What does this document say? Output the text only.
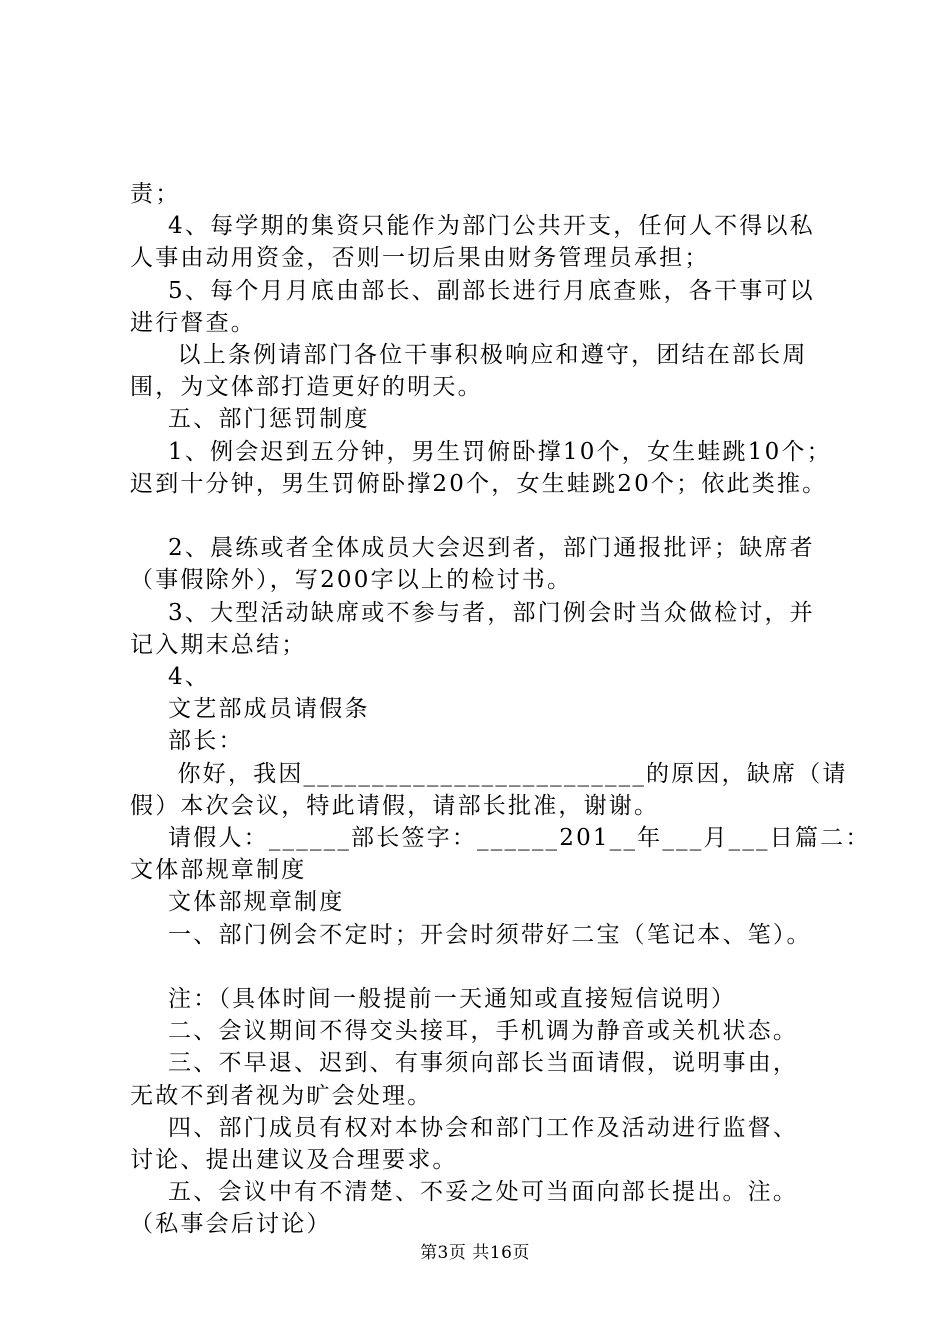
责；
4、每学期的集资只能作为部门公共开支，任何人不得以私
人事由动用资金，否则一切后果由财务管理员承担；
5、每个月月底由部长、副部长进行月底查账，各干事可以
进行督查。
以上条例请部门各位干事积极响应和遵守，团结在部长周
围，为文体部打造更好的明天。
五、部门惩罚制度
1、例会迟到五分钟，男生罚俯卧撑10个，女生蛙跳10个；
迟到十分钟，男生罚俯卧撑20个，女生蛙跳20个；依此类推。
2、晨练或者全体成员大会迟到者，部门通报批评；缺席者
（事假除外），写200字以上的检讨书。
3、大型活动缺席或不参与者，部门例会时当众做检讨，并
记入期末总结；
4、
文艺部成员请假条
部长：
你好，我因_________________________的原因，缺席（请
假）本次会议，特此请假，请部长批准，谢谢。
请假人：______部长签字：______201__年___月___日篇二：
文体部规章制度
文体部规章制度
一、部门例会不定时；开会时须带好二宝（笔记本、笔）。
注：（具体时间一般提前一天通知或直接短信说明）
二、会议期间不得交头接耳，手机调为静音或关机状态。
三、不早退、迟到、有事须向部长当面请假，说明事由，
无故不到者视为旷会处理。
四、部门成员有权对本协会和部门工作及活动进行监督、
讨论、提出建议及合理要求。
五、会议中有不清楚、不妥之处可当面向部长提出。注。
（私事会后讨论）
第3页 共16页
